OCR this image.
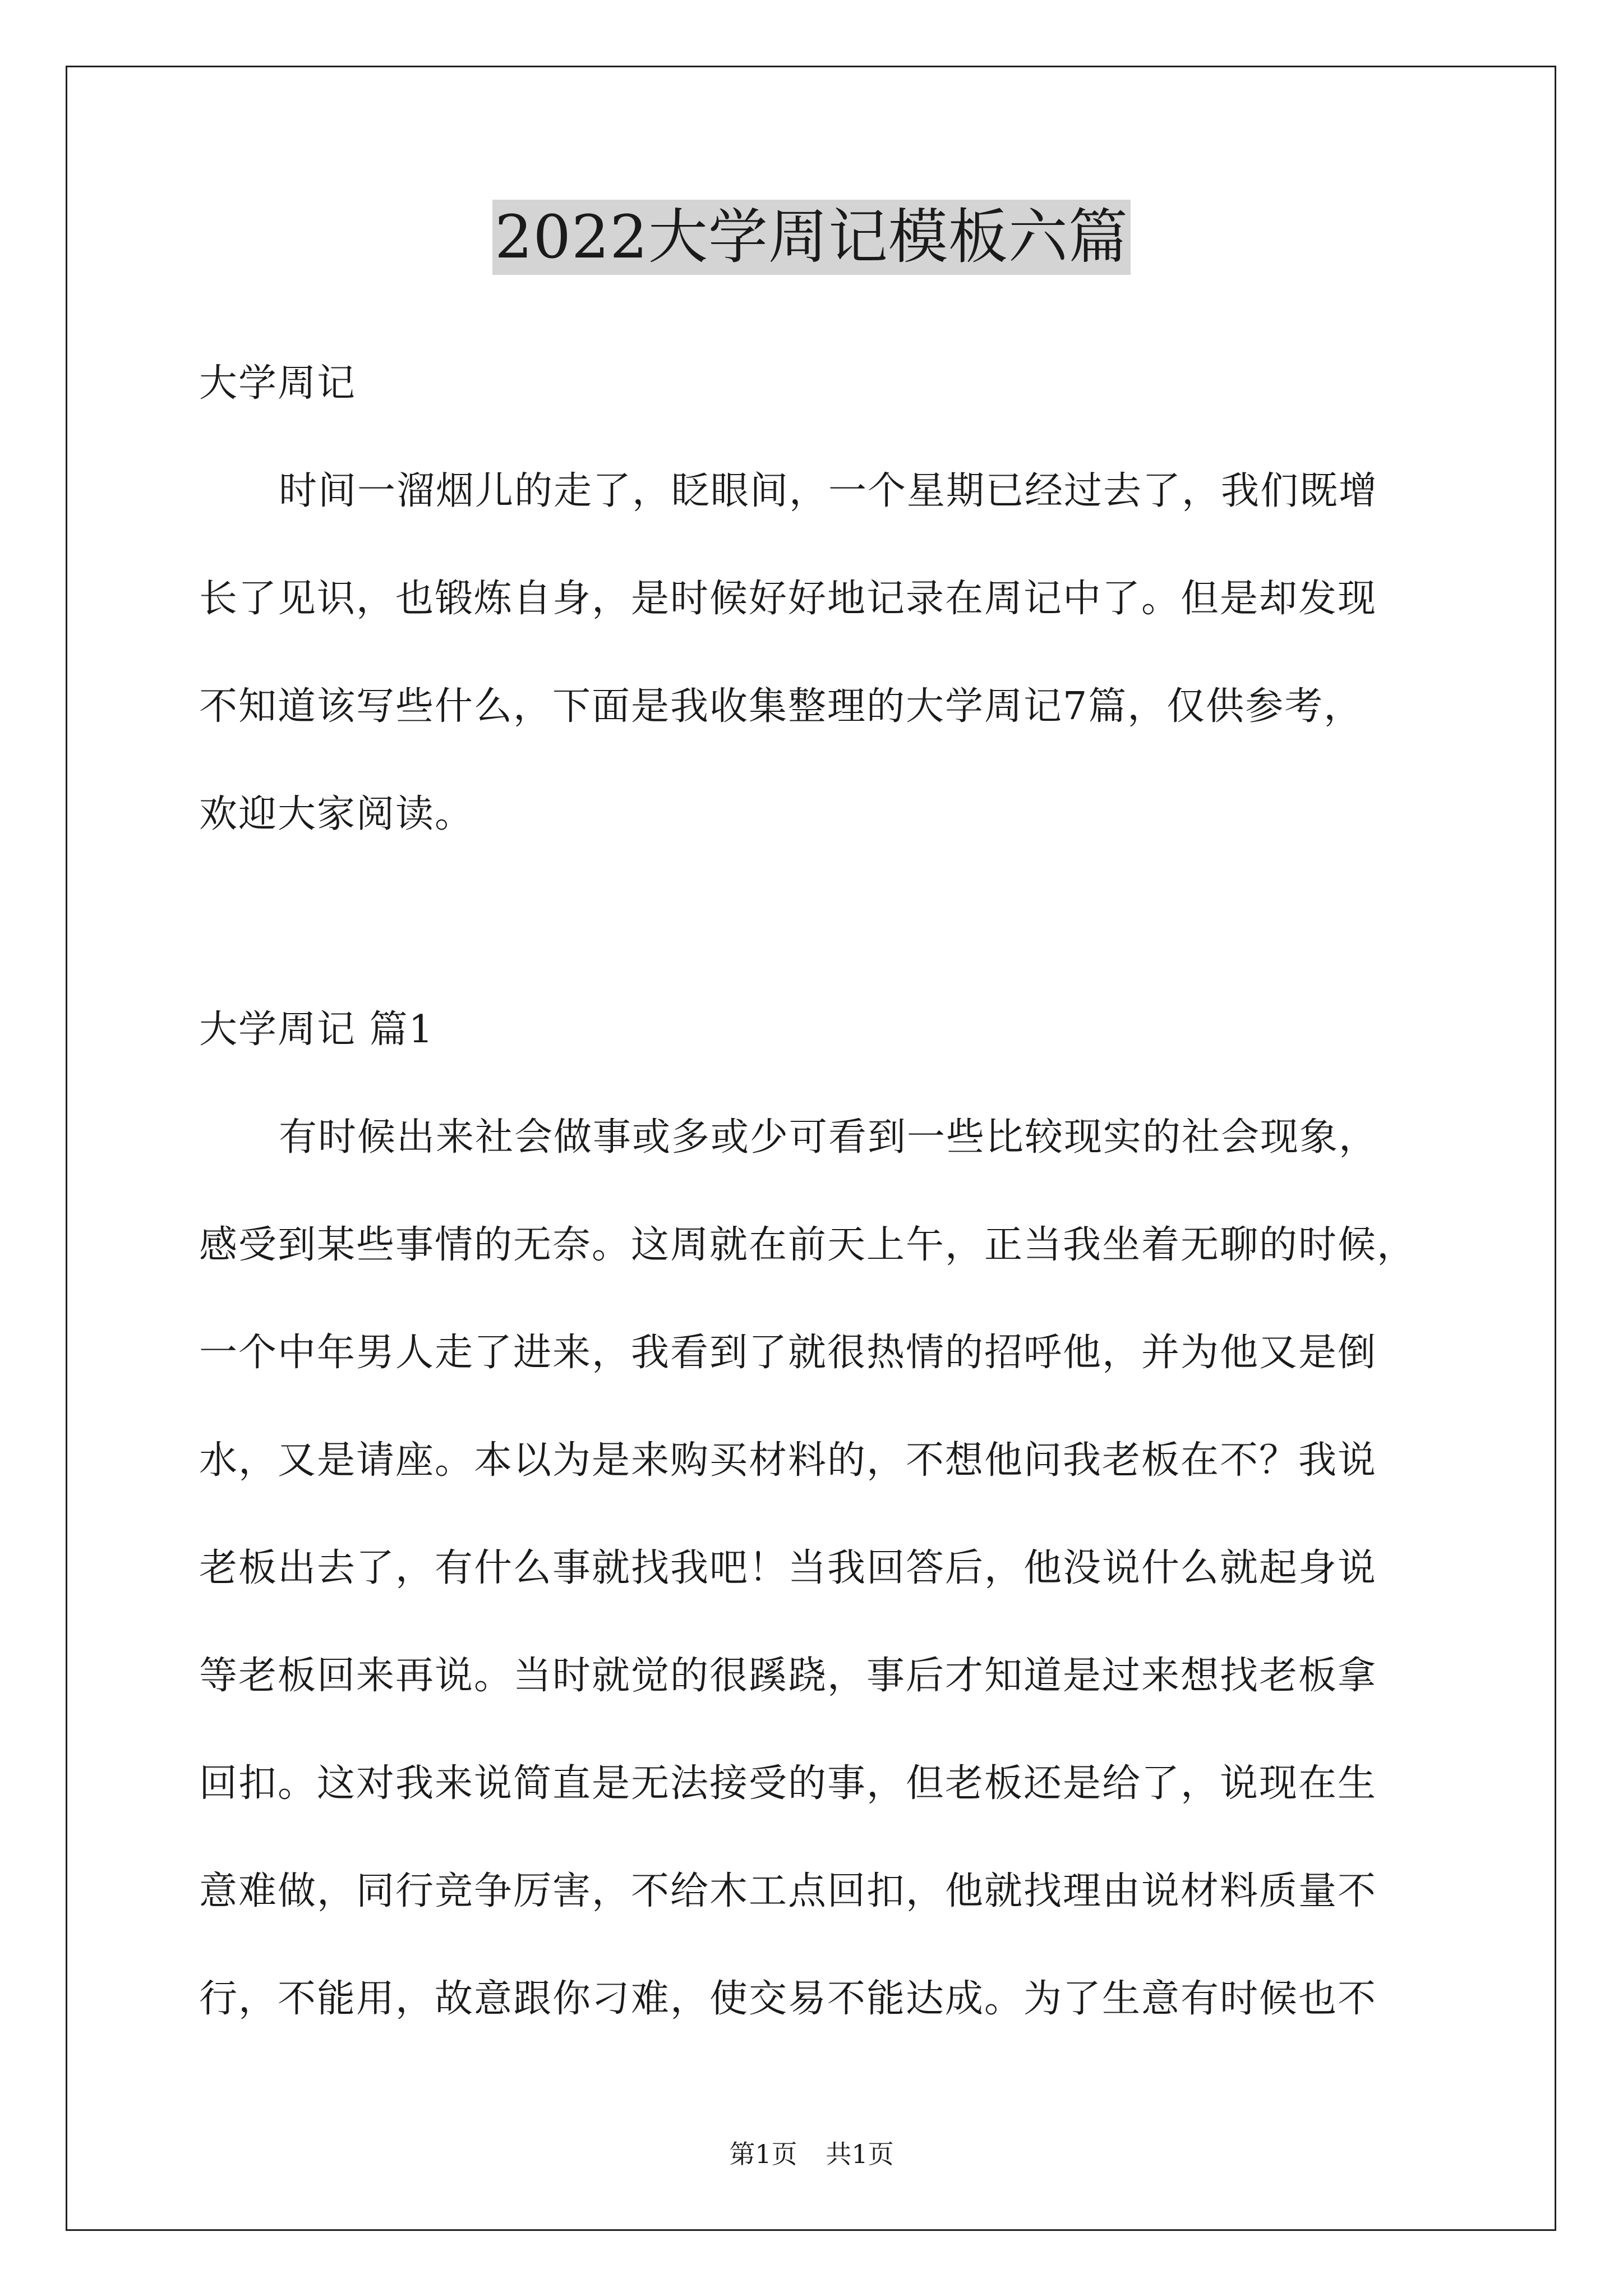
2022大学周记模板六篇
大学周记
时间一溜烟儿的走了，眨眼间，一个星期已经过去了，我们既增
长了见识，也锻炼自身，是时候好好地记录在周记中了。但是却发现
不知道该写些什么，下面是我收集整理的大学周记7篇，仅供参考，
欢迎大家阅读。
大学周记 篇1
有时候出来社会做事或多或少可看到一些比较现实的社会现象，
感受到某些事情的无奈。这周就在前天上午，正当我坐着无聊的时候，
一个中年男人走了进来，我看到了就很热情的招呼他，并为他又是倒
水，又是请座。本以为是来购买材料的，不想他问我老板在不？我说
老板出去了，有什么事就找我吧！当我回答后，他没说什么就起身说
等老板回来再说。当时就觉的很蹊跷，事后才知道是过来想找老板拿
回扣。这对我来说简直是无法接受的事，但老板还是给了，说现在生
意难做，同行竞争厉害，不给木工点回扣，他就找理由说材料质量不
行，不能用，故意跟你刁难，使交易不能达成。为了生意有时候也不
第1页 共1页
